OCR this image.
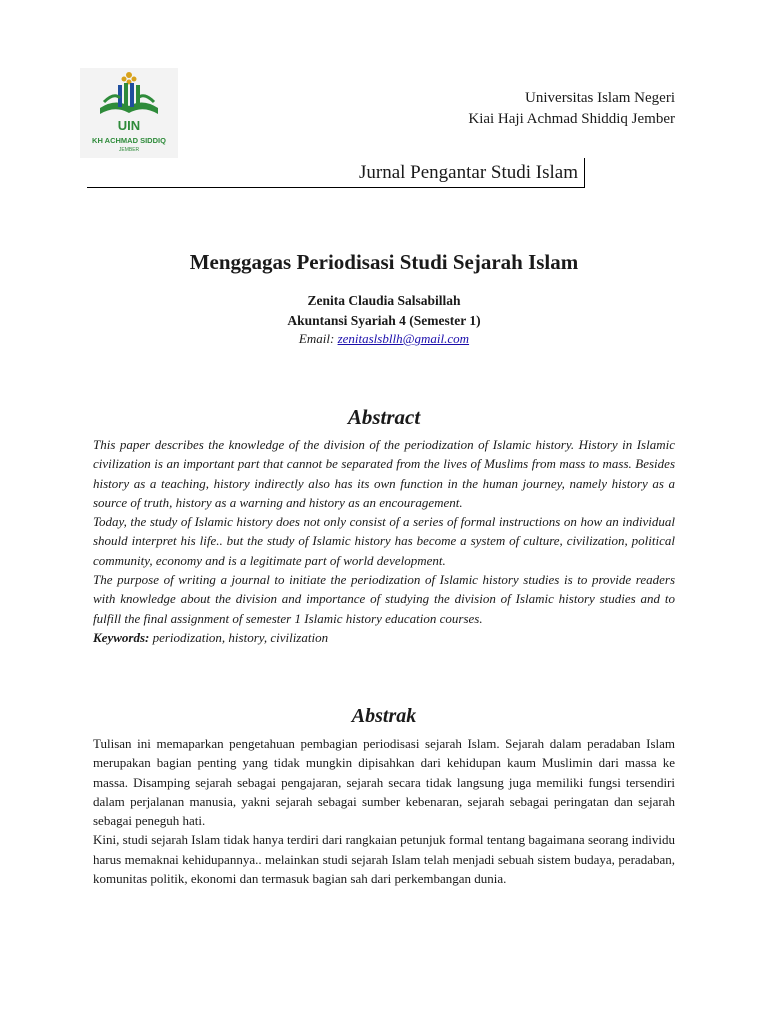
UIN
KH ACHMAD SIDDIQ
JEMBER
Universitas Islam Negeri
Kiai Haji Achmad Shiddiq Jember
Jurnal Pengantar Studi Islam
Menggagas Periodisasi Studi Sejarah Islam
Zenita Claudia Salsabillah
Akuntansi Syariah 4 (Semester 1)
Email: zenitaslsbllh@gmail.com
Abstract

This paper describes the knowledge of the division of the periodization of Islamic history. History in Islamic civilization is an important part that cannot be separated from the lives of Muslims from mass to mass. Besides history as a teaching, history indirectly also has its own function in the human journey, namely history as a source of truth, history as a warning and history as an encouragement.

Today, the study of Islamic history does not only consist of a series of formal instructions on how an individual should interpret his life.. but the study of Islamic history has become a system of culture, civilization, political community, economy and is a legitimate part of world development.

The purpose of writing a journal to initiate the periodization of Islamic history studies is to provide readers with knowledge about the division and importance of studying the division of Islamic history studies and to fulfill the final assignment of semester 1 Islamic history education courses.

Keywords: periodization, history, civilization

Abstrak

Tulisan ini memaparkan pengetahuan pembagian periodisasi sejarah Islam. Sejarah dalam peradaban Islam merupakan bagian penting yang tidak mungkin dipisahkan dari kehidupan kaum Muslimin dari massa ke massa. Disamping sejarah sebagai pengajaran, sejarah secara tidak langsung juga memiliki fungsi tersendiri dalam perjalanan manusia, yakni sejarah sebagai sumber kebenaran, sejarah sebagai peringatan dan sejarah sebagai peneguh hati.

Kini, studi sejarah Islam tidak hanya terdiri dari rangkaian petunjuk formal tentang bagaimana seorang individu harus memaknai kehidupannya.. melainkan studi sejarah Islam telah menjadi sebuah sistem budaya, peradaban, komunitas politik, ekonomi dan termasuk bagian sah dari perkembangan dunia.
